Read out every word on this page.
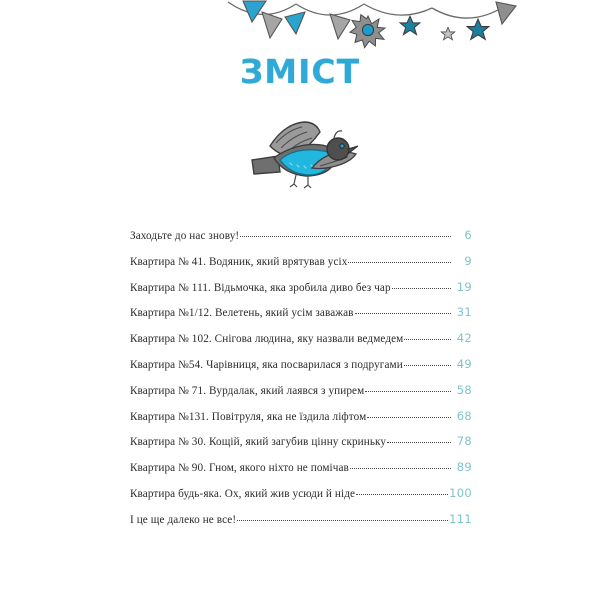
ЗМІСТ
Заходьте до нас знову!	6
Квартира № 41. Водяник, який врятував усіх	9
Квартира № 111. Відьмочка, яка зробила диво без чар	19
Квартира №1/12. Велетень, який усім заважав	31
Квартира № 102. Снігова людина, яку назвали ведмедем	42
Квартира №54. Чарівниця, яка посварилася з подругами	49
Квартира № 71. Вурдалак, який лаявся з упирем	58
Квартира №131. Повітруля, яка не їздила ліфтом	68
Квартира № 30. Кощій, який загубив цінну скриньку	78
Квартира № 90. Гном, якого ніхто не помічав	89
Квартира будь-яка. Ох, який жив усюди й ніде	100
І це ще далеко не все!	111
